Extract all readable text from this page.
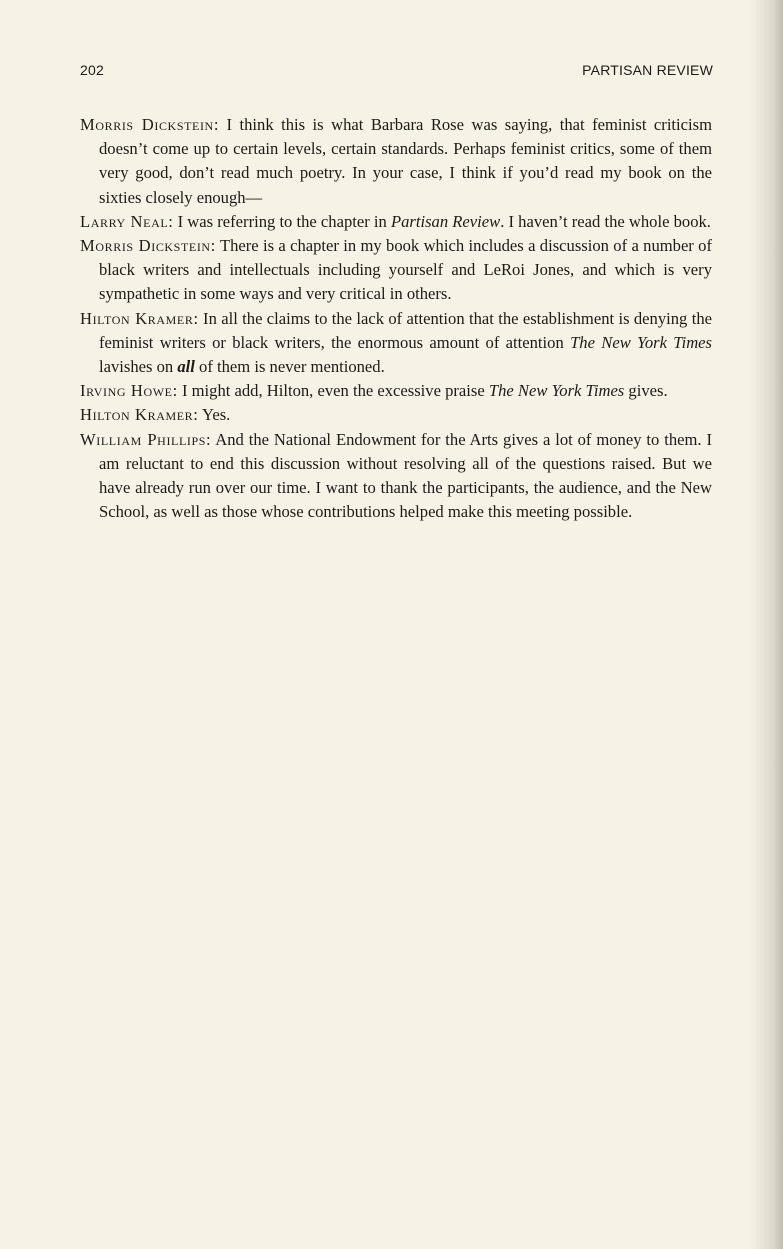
202	PARTISAN REVIEW

Morris Dickstein: I think this is what Barbara Rose was saying, that feminist criticism doesn’t come up to certain levels, certain standards. Perhaps feminist critics, some of them very good, don’t read much poetry. In your case, I think if you’d read my book on the sixties closely enough—

Larry Neal: I was referring to the chapter in Partisan Review. I haven’t read the whole book.

Morris Dickstein: There is a chapter in my book which includes a discussion of a number of black writers and intellectuals including yourself and LeRoi Jones, and which is very sympathetic in some ways and very critical in others.

Hilton Kramer: In all the claims to the lack of attention that the establishment is denying the feminist writers or black writers, the enormous amount of attention The New York Times lavishes on all of them is never mentioned.

Irving Howe: I might add, Hilton, even the excessive praise The New York Times gives.

Hilton Kramer: Yes.

William Phillips: And the National Endowment for the Arts gives a lot of money to them. I am reluctant to end this discussion without resolving all of the questions raised. But we have already run over our time. I want to thank the participants, the audience, and the New School, as well as those whose contributions helped make this meeting possible.
